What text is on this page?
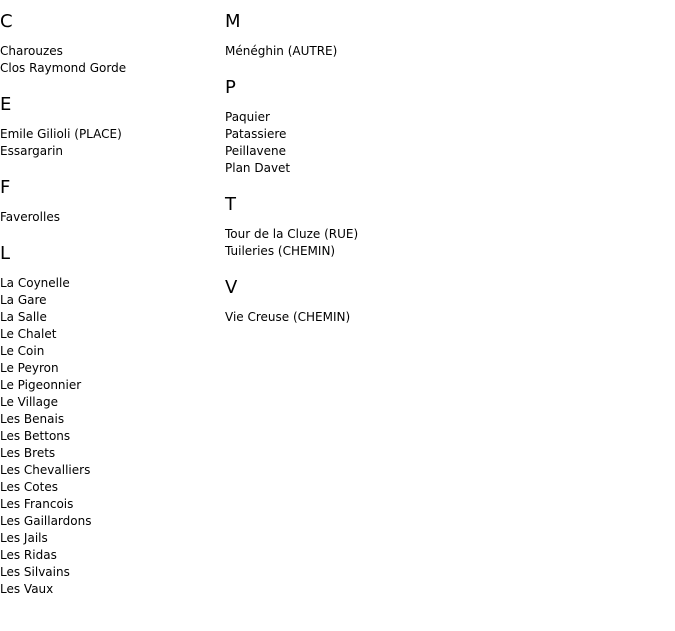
C
Charouzes
Clos Raymond Gorde
E
Emile Gilioli (PLACE)
Essargarin
F
Faverolles
L
La Coynelle
La Gare
La Salle
Le Chalet
Le Coin
Le Peyron
Le Pigeonnier
Le Village
Les Benais
Les Bettons
Les Brets
Les Chevalliers
Les Cotes
Les Francois
Les Gaillardons
Les Jails
Les Ridas
Les Silvains
Les Vaux
M
Ménéghin (AUTRE)
P
Paquier
Patassiere
Peillavene
Plan Davet
T
Tour de la Cluze (RUE)
Tuileries (CHEMIN)
V
Vie Creuse (CHEMIN)
